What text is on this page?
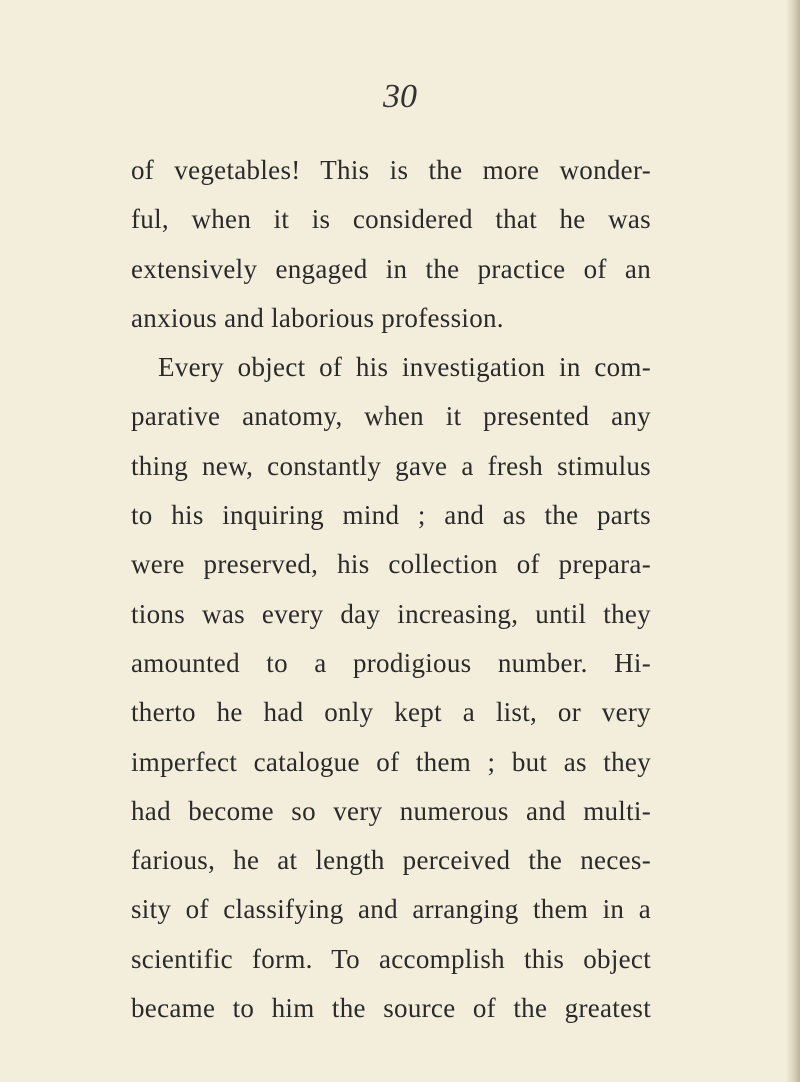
30
of vegetables! This is the more wonder-
ful, when it is considered that he was
extensively engaged in the practice of an
anxious and laborious profession.
Every object of his investigation in com-
parative anatomy, when it presented any
thing new, constantly gave a fresh stimulus
to his inquiring mind ; and as the parts
were preserved, his collection of prepara-
tions was every day increasing, until they
amounted to a prodigious number. Hi-
therto he had only kept a list, or very
imperfect catalogue of them ; but as they
had become so very numerous and multi-
farious, he at length perceived the neces-
sity of classifying and arranging them in a
scientific form. To accomplish this object
became to him the source of the greatest
